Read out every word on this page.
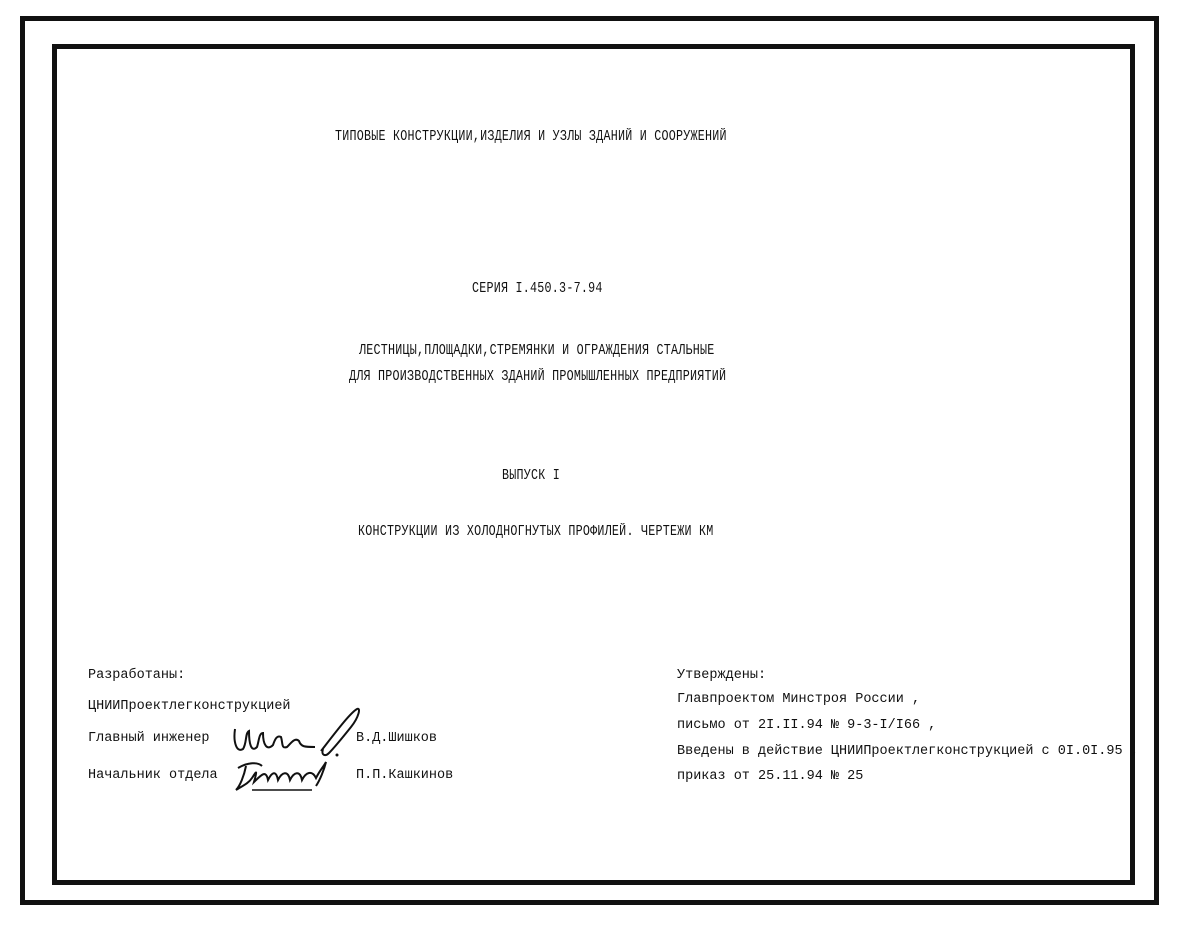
ТИПОВЫЕ КОНСТРУКЦИИ,ИЗДЕЛИЯ И УЗЛЫ ЗДАНИЙ И СООРУЖЕНИЙ
СЕРИЯ I.450.3-7.94
ЛЕСТНИЦЫ,ПЛОЩАДКИ,СТРЕМЯНКИ И ОГРАЖДЕНИЯ СТАЛЬНЫЕ
ДЛЯ ПРОИЗВОДСТВЕННЫХ ЗДАНИЙ ПРОМЫШЛЕННЫХ ПРЕДПРИЯТИЙ
ВЫПУСК I
КОНСТРУКЦИИ ИЗ ХОЛОДНОГНУТЫХ ПРОФИЛЕЙ. ЧЕРТЕЖИ КМ
Разработаны:
ЦНИИПроектлегконструкцией
Главный инженер	В.Д.Шишков
Начальник отдела	П.П.Кашкинов
Утверждены:
Главпроектом Минстроя России ,
письмо от 2I.II.94 № 9-3-I/I66 ,
Введены в действие ЦНИИПроектлегконструкцией с 0I.0I.95 ,
приказ от 25.11.94 № 25
